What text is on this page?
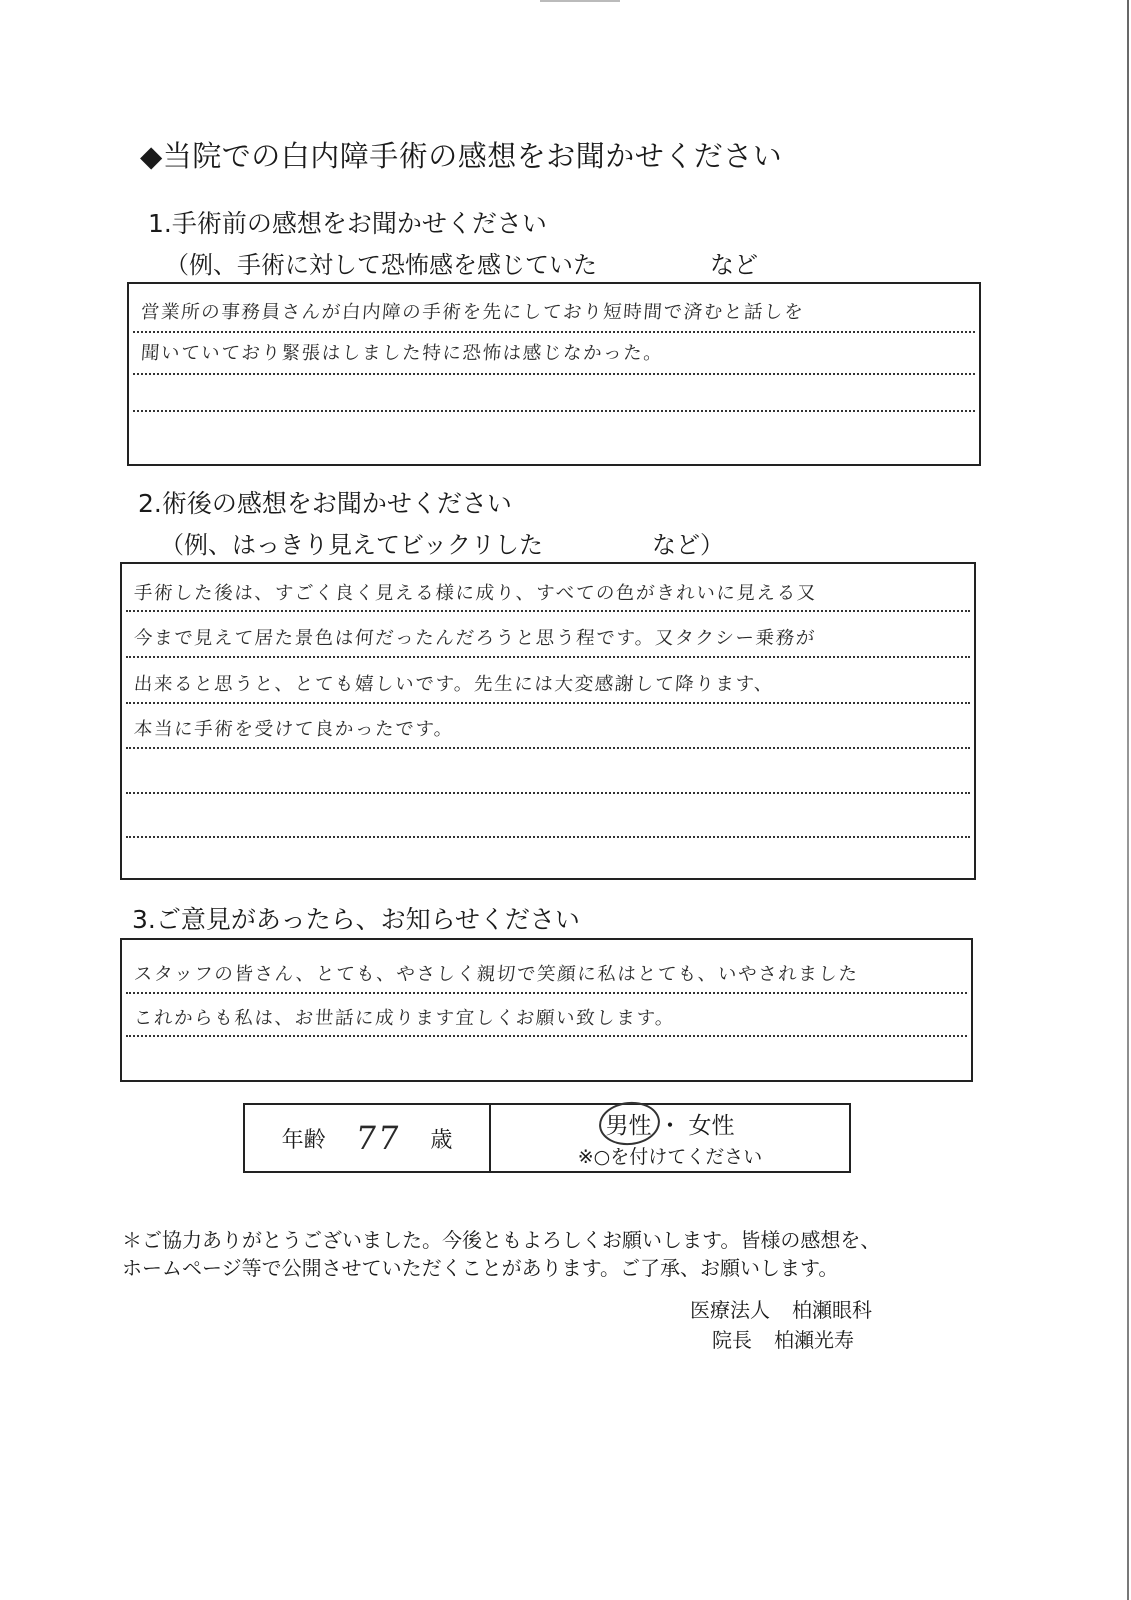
◆当院での白内障手術の感想をお聞かせください
1.手術前の感想をお聞かせください
（例、手術に対して恐怖感を感じていた	など
営業所の事務員さんが白内障の手術を先にしており短時間で済むと話しを
聞いていており緊張はしました特に恐怖は感じなかった。
2.術後の感想をお聞かせください
（例、はっきり見えてビックリした	など）
手術した後は、すごく良く見える様に成り、すべての色がきれいに見える又
今まで見えて居た景色は何だったんだろうと思う程です。又タクシー乗務が
出来ると思うと、とても嬉しいです。先生には大変感謝して降ります、
本当に手術を受けて良かったです。
3.ご意見があったら、お知らせください
スタッフの皆さん、とても、やさしく親切で笑顔に私はとても、いやされました
これからも私は、お世話に成ります宜しくお願い致します。
年齢 77 歳
男性 ・ 女性
※○を付けてください
＊ご協力ありがとうございました。今後ともよろしくお願いします。皆様の感想を、
ホームページ等で公開させていただくことがあります。ご了承、お願いします。
医療法人 柏瀬眼科
院長 柏瀬光寿
